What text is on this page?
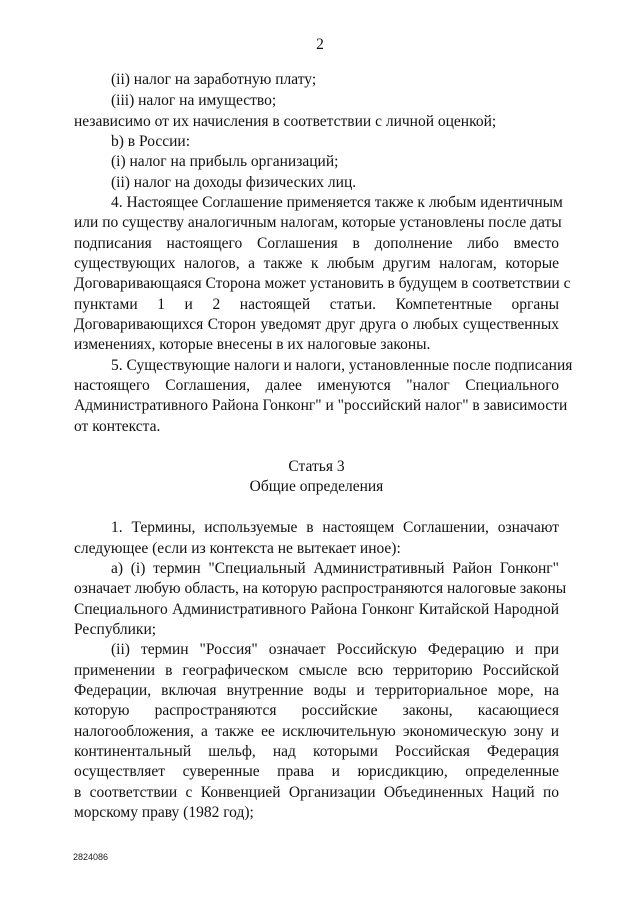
2
(ii) налог на заработную плату;
(iii) налог на имущество;
независимо от их начисления в соответствии с личной оценкой;
b) в России:
(i) налог на прибыль организаций;
(ii) налог на доходы физических лиц.
4. Настоящее Соглашение применяется также к любым идентичным
или по существу аналогичным налогам, которые установлены после даты
подписания настоящего Соглашения в дополнение либо вместо
существующих налогов, а также к любым другим налогам, которые
Договаривающаяся Сторона может установить в будущем в соответствии с
пунктами 1 и 2 настоящей статьи. Компетентные органы
Договаривающихся Сторон уведомят друг друга о любых существенных
изменениях, которые внесены в их налоговые законы.
5. Существующие налоги и налоги, установленные после подписания
настоящего Соглашения, далее именуются "налог Специального
Административного Района Гонконг" и "российский налог" в зависимости
от контекста.
Статья 3
Общие определения
1. Термины, используемые в настоящем Соглашении, означают
следующее (если из контекста не вытекает иное):
а) (i) термин "Специальный Административный Район Гонконг"
означает любую область, на которую распространяются налоговые законы
Специального Административного Района Гонконг Китайской Народной
Республики;
(ii) термин "Россия" означает Российскую Федерацию и при
применении в географическом смысле всю территорию Российской
Федерации, включая внутренние воды и территориальное море, на
которую распространяются российские законы, касающиеся
налогообложения, а также ее исключительную экономическую зону и
континентальный шельф, над которыми Российская Федерация
осуществляет суверенные права и юрисдикцию, определенные
в соответствии с Конвенцией Организации Объединенных Наций по
морскому праву (1982 год);
2824086
